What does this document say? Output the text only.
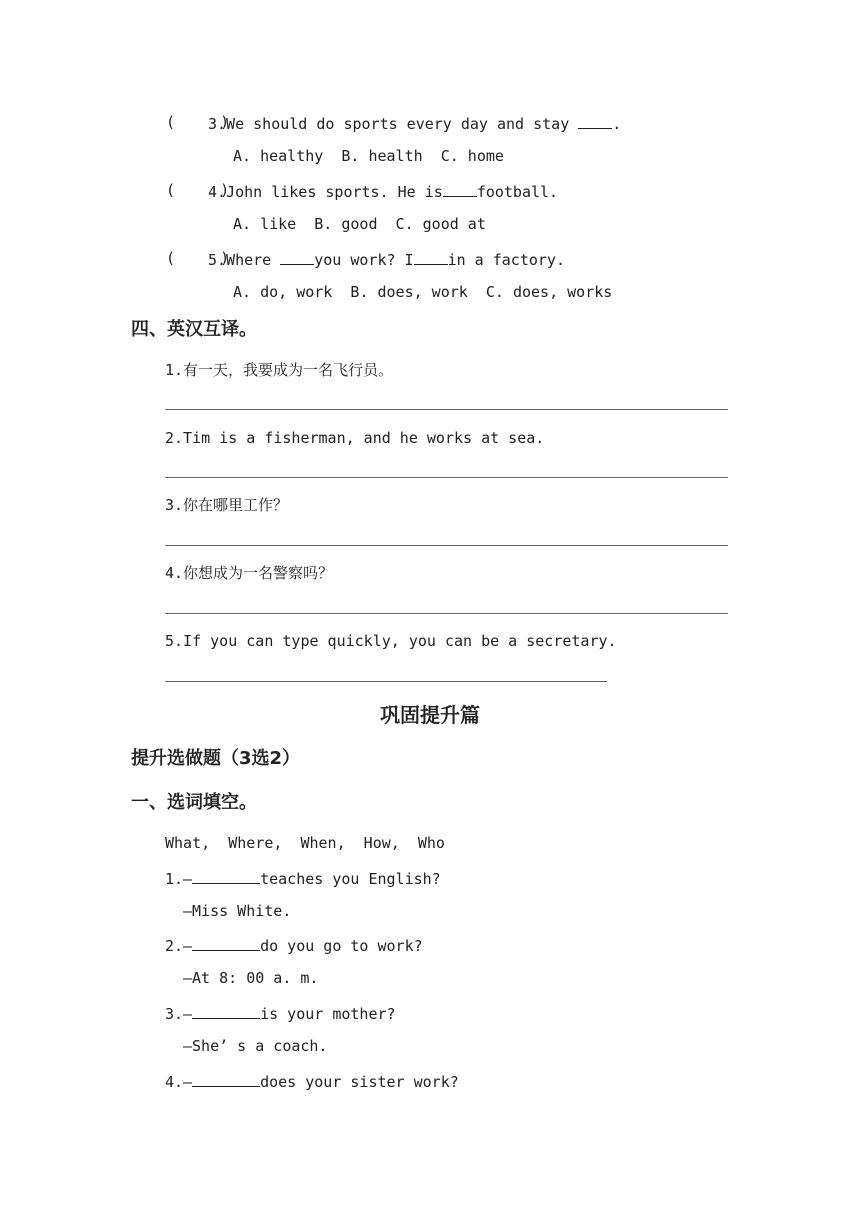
(     )
3.We should do sports every day and stay .
A. healthy  B. health  C. home
(     )
4.John likes sports. He is football.
A. like  B. good  C. good at
(     )
5.Where you work? I in a factory.
A. do, work  B. does, work  C. does, works
四、英汉互译。
1.有一天，我要成为一名飞行员。
2.Tim is a fisherman, and he works at sea.
3.你在哪里工作？
4.你想成为一名警察吗？
5.If you can type quickly, you can be a secretary.
巩固提升篇
提升选做题（3选2）
一、选词填空。
What,  Where,  When,  How,  Who
1.—	teaches you English?
—Miss White.
2.—	do you go to work?
—At 8: 00 a. m.
3.—	is your mother?
—She’ s a coach.
4.—	does your sister work?
